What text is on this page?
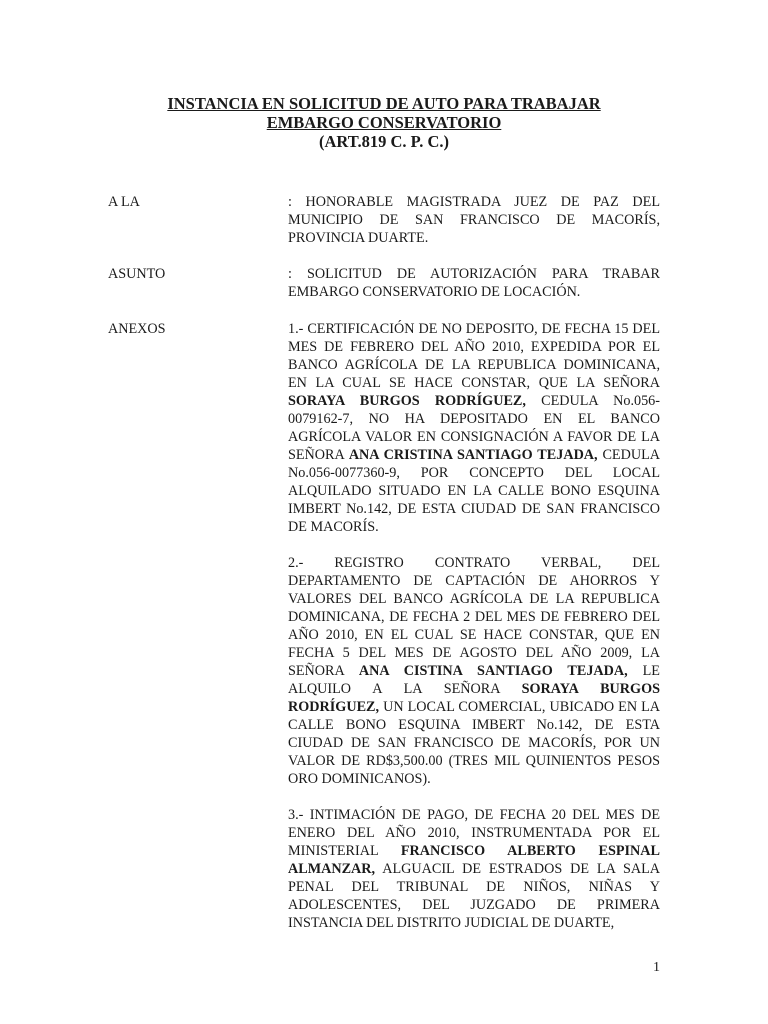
INSTANCIA EN SOLICITUD DE AUTO PARA TRABAJAR
EMBARGO CONSERVATORIO
(ART.819 C. P. C.)
A LA	: HONORABLE MAGISTRADA JUEZ DE PAZ DEL MUNICIPIO DE SAN FRANCISCO DE MACORÍS, PROVINCIA DUARTE.
ASUNTO	: SOLICITUD DE AUTORIZACIÓN PARA TRABAR EMBARGO CONSERVATORIO DE LOCACIÓN.
ANEXOS	1.- CERTIFICACIÓN DE NO DEPOSITO, DE FECHA 15 DEL MES DE FEBRERO DEL AÑO 2010, EXPEDIDA POR EL BANCO AGRÍCOLA DE LA REPUBLICA DOMINICANA, EN LA CUAL SE HACE CONSTAR, QUE LA SEÑORA SORAYA BURGOS RODRÍGUEZ, CEDULA No.056-0079162-7, NO HA DEPOSITADO EN EL BANCO AGRÍCOLA VALOR EN CONSIGNACIÓN A FAVOR DE LA SEÑORA ANA CRISTINA SANTIAGO TEJADA, CEDULA No.056-0077360-9, POR CONCEPTO DEL LOCAL ALQUILADO SITUADO EN LA CALLE BONO ESQUINA IMBERT No.142, DE ESTA CIUDAD DE SAN FRANCISCO DE MACORÍS.

2.- REGISTRO CONTRATO VERBAL, DEL DEPARTAMENTO DE CAPTACIÓN DE AHORROS Y VALORES DEL BANCO AGRÍCOLA DE LA REPUBLICA DOMINICANA, DE FECHA 2 DEL MES DE FEBRERO DEL AÑO 2010, EN EL CUAL SE HACE CONSTAR, QUE EN FECHA 5 DEL MES DE AGOSTO DEL AÑO 2009, LA SEÑORA ANA CISTINA SANTIAGO TEJADA, LE ALQUILO A LA SEÑORA SORAYA BURGOS RODRÍGUEZ, UN LOCAL COMERCIAL, UBICADO EN LA CALLE BONO ESQUINA IMBERT No.142, DE ESTA CIUDAD DE SAN FRANCISCO DE MACORÍS, POR UN VALOR DE RD$3,500.00 (TRES MIL QUINIENTOS PESOS ORO DOMINICANOS).

3.- INTIMACIÓN DE PAGO, DE FECHA 20 DEL MES DE ENERO DEL AÑO 2010, INSTRUMENTADA POR EL MINISTERIAL FRANCISCO ALBERTO ESPINAL ALMANZAR, ALGUACIL DE ESTRADOS DE LA SALA PENAL DEL TRIBUNAL DE NIÑOS, NIÑAS Y ADOLESCENTES, DEL JUZGADO DE PRIMERA INSTANCIA DEL DISTRITO JUDICIAL DE DUARTE,

1
